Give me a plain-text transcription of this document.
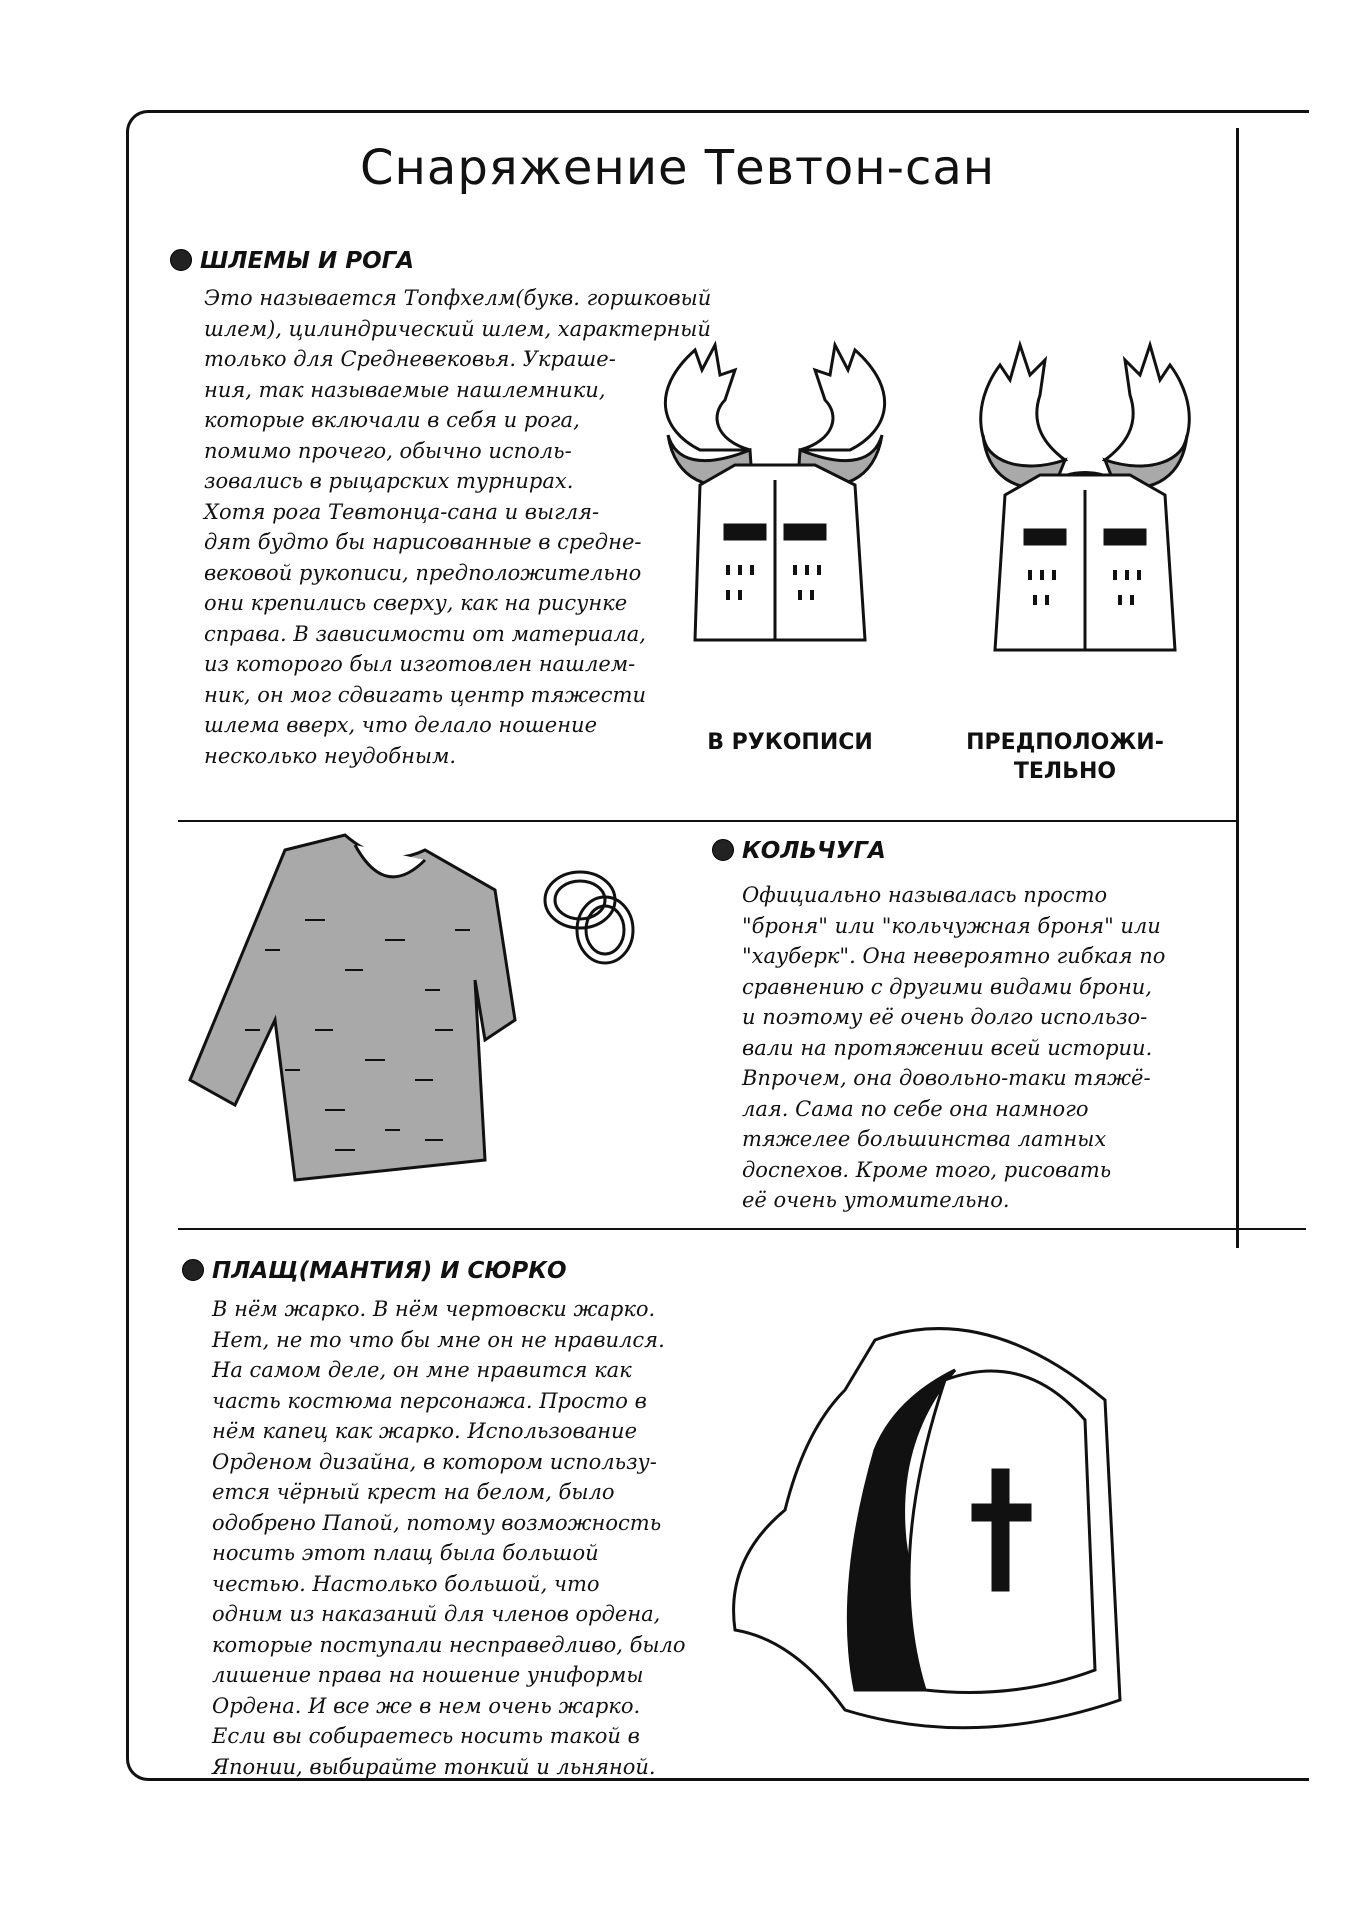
Снаряжение Тевтон-сан
ШЛЕМЫ И РОГА
Это называется Топфхелм(букв. горшковый
шлем), цилиндрический шлем, характерный
только для Средневековья. Украше-
ния, так называемые нашлемники,
которые включали в себя и рога,
помимо прочего, обычно исполь-
зовались в рыцарских турнирах.
Хотя рога Тевтонца-сана и выгля-
дят будто бы нарисованные в средне-
вековой рукописи, предположительно
они крепились сверху, как на рисунке
справа. В зависимости от материала,
из которого был изготовлен нашлем-
ник, он мог сдвигать центр тяжести
шлема вверх, что делало ношение
несколько неудобным.
В РУКОПИСИ	ПРЕДПОЛОЖИ-
ТЕЛЬНО
КОЛЬЧУГА
Официально называлась просто
"броня" или "кольчужная броня" или
"хауберк". Она невероятно гибкая по
сравнению с другими видами брони,
и поэтому её очень долго использо-
вали на протяжении всей истории.
Впрочем, она довольно-таки тяжё-
лая. Сама по себе она намного
тяжелее большинства латных
доспехов. Кроме того, рисовать
её очень утомительно.
ПЛАЩ(МАНТИЯ) И СЮРКО
В нём жарко. В нём чертовски жарко.
Нет, не то что бы мне он не нравился.
На самом деле, он мне нравится как
часть костюма персонажа. Просто в
нём капец как жарко. Использование
Орденом дизайна, в котором использу-
ется чёрный крест на белом, было
одобрено Папой, потому возможность
носить этот плащ была большой
честью. Настолько большой, что
одним из наказаний для членов ордена,
которые поступали несправедливо, было
лишение права на ношение униформы
Ордена. И все же в нем очень жарко.
Если вы собираетесь носить такой в
Японии, выбирайте тонкий и льняной.
